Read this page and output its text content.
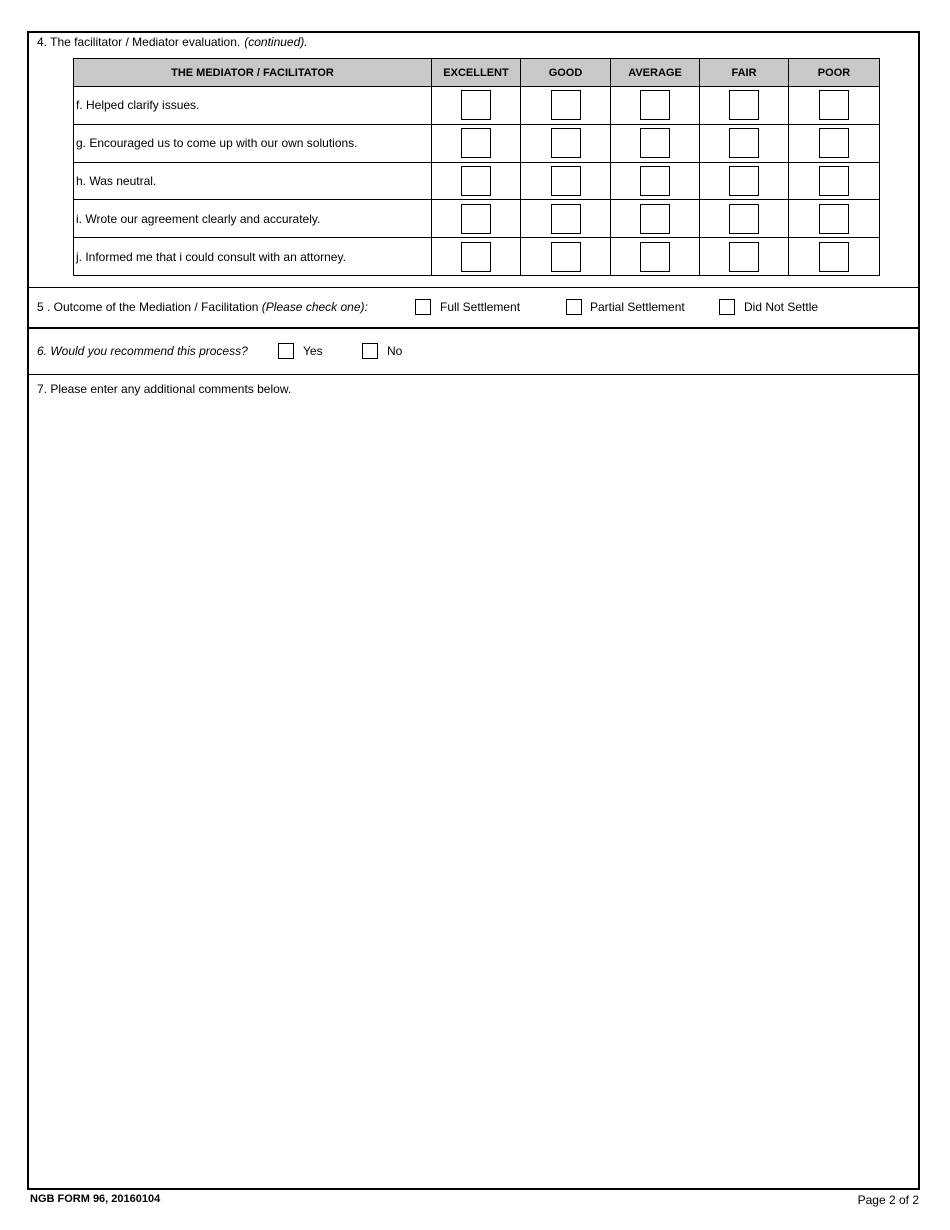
4. The facilitator / Mediator evaluation. (continued).
THE MEDIATOR / FACILITATOR	EXCELLENT	GOOD	AVERAGE	FAIR	POOR
f. Helped clarify issues.					
g. Encouraged us to come up with our own solutions.					
h. Was neutral.					
i. Wrote our agreement clearly and accurately.					
j. Informed me that i could consult with an attorney.					
5 . Outcome of the Mediation / Facilitation (Please check one):	Full Settlement	Partial Settlement	Did Not Settle
6. Would you recommend this process?	Yes	No
7. Please enter any additional comments below.
NGB FORM 96, 20160104	Page 2 of 2
